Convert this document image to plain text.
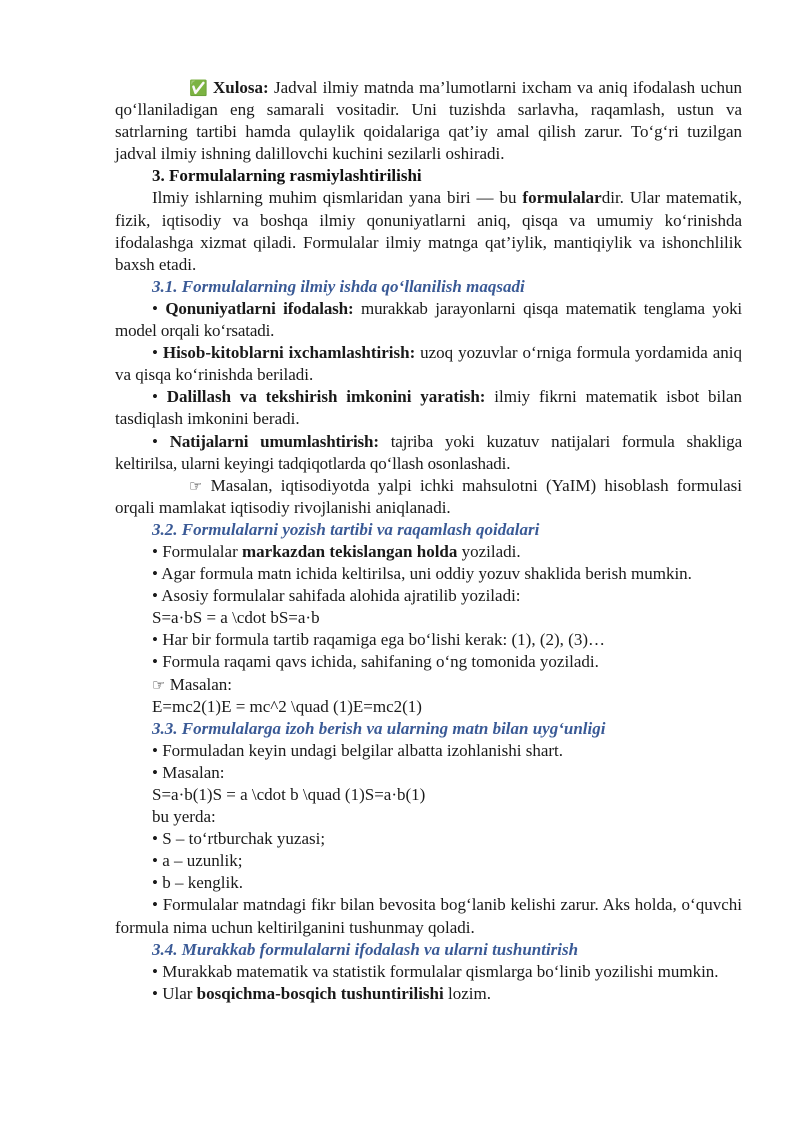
✅ Xulosa: Jadval ilmiy matnda ma’lumotlarni ixcham va aniq ifodalash uchun qo‘llaniladigan eng samarali vositadir. Uni tuzishda sarlavha, raqamlash, ustun va satrlarning tartibi hamda qulaylik qoidalariga qat’iy amal qilish zarur. To‘g‘ri tuzilgan jadval ilmiy ishning dalillovchi kuchini sezilarli oshiradi.

3. Formulalarning rasmiylashtirilishi

Ilmiy ishlarning muhim qismlaridan yana biri — bu formulalardir. Ular matematik, fizik, iqtisodiy va boshqa ilmiy qonuniyatlarni aniq, qisqa va umumiy ko‘rinishda ifodalashga xizmat qiladi. Formulalar ilmiy matnga qat’iylik, mantiqiylik va ishonchlilik baxsh etadi.

3.1. Formulalarning ilmiy ishda qo‘llanilish maqsadi

• Qonuniyatlarni ifodalash: murakkab jarayonlarni qisqa matematik tenglama yoki model orqali ko‘rsatadi.

• Hisob-kitoblarni ixchamlashtirish: uzoq yozuvlar o‘rniga formula yordamida aniq va qisqa ko‘rinishda beriladi.

• Dalillash va tekshirish imkonini yaratish: ilmiy fikrni matematik isbot bilan tasdiqlash imkonini beradi.

• Natijalarni umumlashtirish: tajriba yoki kuzatuv natijalari formula shakliga keltirilsa, ularni keyingi tadqiqotlarda qo‘llash osonlashadi.

☞ Masalan, iqtisodiyotda yalpi ichki mahsulotni (YaIM) hisoblash formulasi orqali mamlakat iqtisodiy rivojlanishi aniqlanadi.

3.2. Formulalarni yozish tartibi va raqamlash qoidalari

• Formulalar markazdan tekislangan holda yoziladi.

• Agar formula matn ichida keltirilsa, uni oddiy yozuv shaklida berish mumkin.

• Asosiy formulalar sahifada alohida ajratilib yoziladi:

S=a·bS = a \cdot bS=a·b

• Har bir formula tartib raqamiga ega bo‘lishi kerak: (1), (2), (3)…

• Formula raqami qavs ichida, sahifaning o‘ng tomonida yoziladi.

☞ Masalan:

E=mc2(1)E = mc^2 \quad (1)E=mc2(1)

3.3. Formulalarga izoh berish va ularning matn bilan uyg‘unligi

• Formuladan keyin undagi belgilar albatta izohlanishi shart.

• Masalan:

S=a·b(1)S = a \cdot b \quad (1)S=a·b(1)

bu yerda:

• S – to‘rtburchak yuzasi;

• a – uzunlik;

• b – kenglik.

• Formulalar matndagi fikr bilan bevosita bog‘lanib kelishi zarur. Aks holda, o‘quvchi formula nima uchun keltirilganini tushunmay qoladi.

3.4. Murakkab formulalarni ifodalash va ularni tushuntirish

• Murakkab matematik va statistik formulalar qismlarga bo‘linib yozilishi mumkin.

• Ular bosqichma-bosqich tushuntirilishi lozim.
